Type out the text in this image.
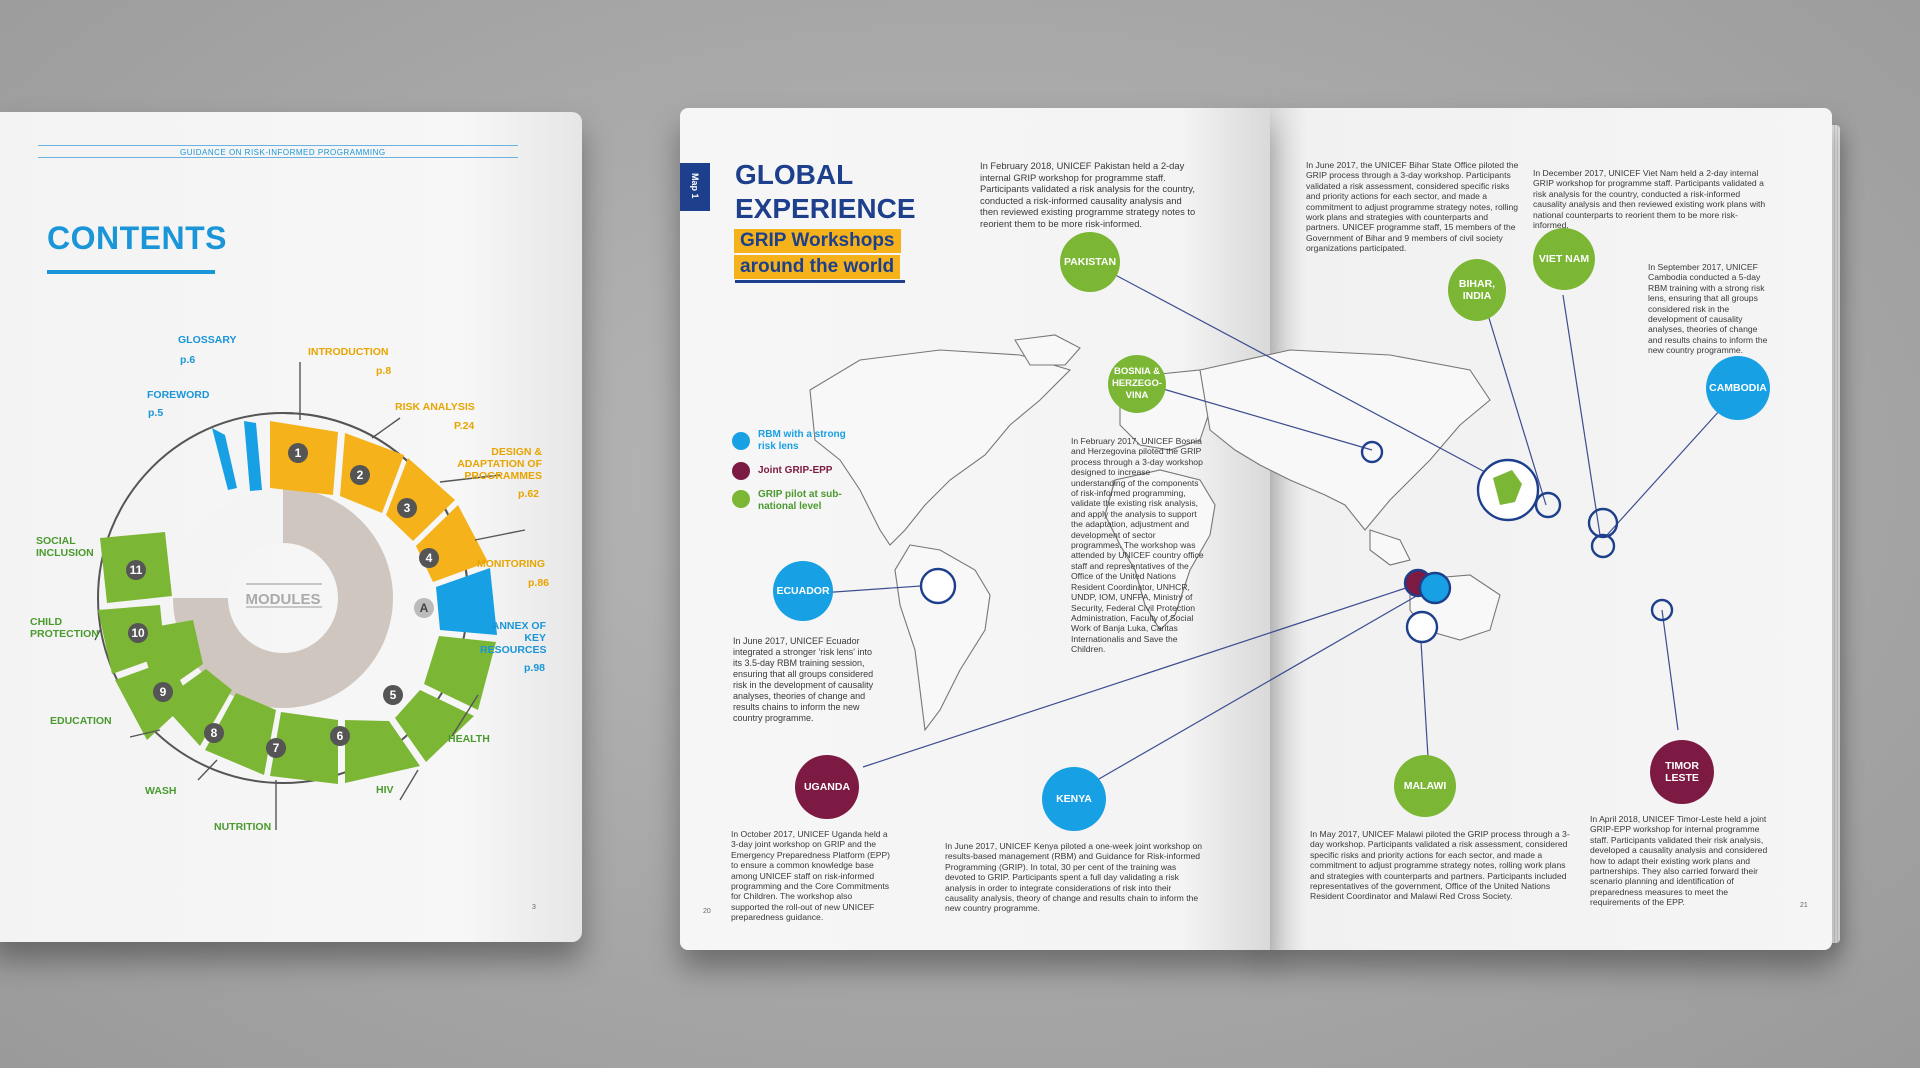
GUIDANCE ON RISK-INFORMED PROGRAMMING
3
CONTENTS
1
2
3
4
A
5
6
7
8
9
10
11
MODULES
GLOSSARY
p.6
FOREWORD
p.5
INTRODUCTION
p.8
RISK ANALYSIS
P.24
DESIGN & ADAPTATION OF PROGRAMMES
p.62
MONITORING
p.86
ANNEX OF KEY RESOURCES
p.98
HEALTH
HIV
NUTRITION
WASH
EDUCATION
CHILD PROTECTION
SOCIAL INCLUSION
Map 1 GLOBAL
EXPERIENCE
GRIP Workshops
around the world
RBM with a strong risk lens
Joint GRIP-EPP
GRIP pilot at sub-national level
PAKISTAN
BOSNIA & HERZEGO-VINA
ECUADOR
UGANDA
KENYA
BIHAR, INDIA
VIET NAM
CAMBODIA
MALAWI
TIMOR LESTE
In February 2018, UNICEF Pakistan held a 2-day internal GRIP workshop for programme staff. Participants validated a risk analysis for the country, conducted a risk-informed causality analysis and then reviewed existing programme strategy notes to reorient them to be more risk-informed.
In February 2017, UNICEF Bosnia and Herzegovina piloted the GRIP process through a 3-day workshop designed to increase understanding of the components of risk-informed programming, validate the existing risk analysis, and apply the analysis to support the adaptation, adjustment and development of sector programmes. The workshop was attended by UNICEF country office staff and representatives of the Office of the United Nations Resident Coordinator, UNHCR, UNDP, IOM, UNFPA, Ministry of Security, Federal Civil Protection Administration, Faculty of Social Work of Banja Luka, Caritas Internationalis and Save the Children.
In June 2017, UNICEF Ecuador integrated a stronger 'risk lens' into its 3.5-day RBM training session, ensuring that all groups considered risk in the development of causality analyses, theories of change and results chains to inform the new country programme.
In October 2017, UNICEF Uganda held a 3-day joint workshop on GRIP and the Emergency Preparedness Platform (EPP) to ensure a common knowledge base among UNICEF staff on risk-informed programming and the Core Commitments for Children. The workshop also supported the roll-out of new UNICEF preparedness guidance.
In June 2017, UNICEF Kenya piloted a one-week joint workshop on results-based management (RBM) and Guidance for Risk-informed Programming (GRIP). In total, 30 per cent of the training was devoted to GRIP. Participants spent a full day validating a risk analysis in order to integrate considerations of risk into their causality analysis, theory of change and results chain to inform the new country programme.
In June 2017, the UNICEF Bihar State Office piloted the GRIP process through a 3-day workshop. Participants validated a risk assessment, considered specific risks and priority actions for each sector, and made a commitment to adjust programme strategy notes, rolling work plans and strategies with counterparts and partners. UNICEF programme staff, 15 members of the Government of Bihar and 9 members of civil society organizations participated.
In December 2017, UNICEF Viet Nam held a 2-day internal GRIP workshop for programme staff. Participants validated a risk analysis for the country, conducted a risk-informed causality analysis and then reviewed existing work plans with national counterparts to reorient them to be more risk-informed.
In September 2017, UNICEF Cambodia conducted a 5-day RBM training with a strong risk lens, ensuring that all groups considered risk in the development of causality analyses, theories of change and results chains to inform the new country programme.
In May 2017, UNICEF Malawi piloted the GRIP process through a 3-day workshop. Participants validated a risk assessment, considered specific risks and priority actions for each sector, and made a commitment to adjust programme strategy notes, rolling work plans and strategies with counterparts and partners. Participants included representatives of the government, Office of the United Nations Resident Coordinator and Malawi Red Cross Society.
In April 2018, UNICEF Timor-Leste held a joint GRIP-EPP workshop for internal programme staff. Participants validated their risk analysis, developed a causality analysis and considered how to adapt their existing work plans and partnerships. They also carried forward their scenario planning and identification of preparedness measures to meet the requirements of the EPP.
20
21
